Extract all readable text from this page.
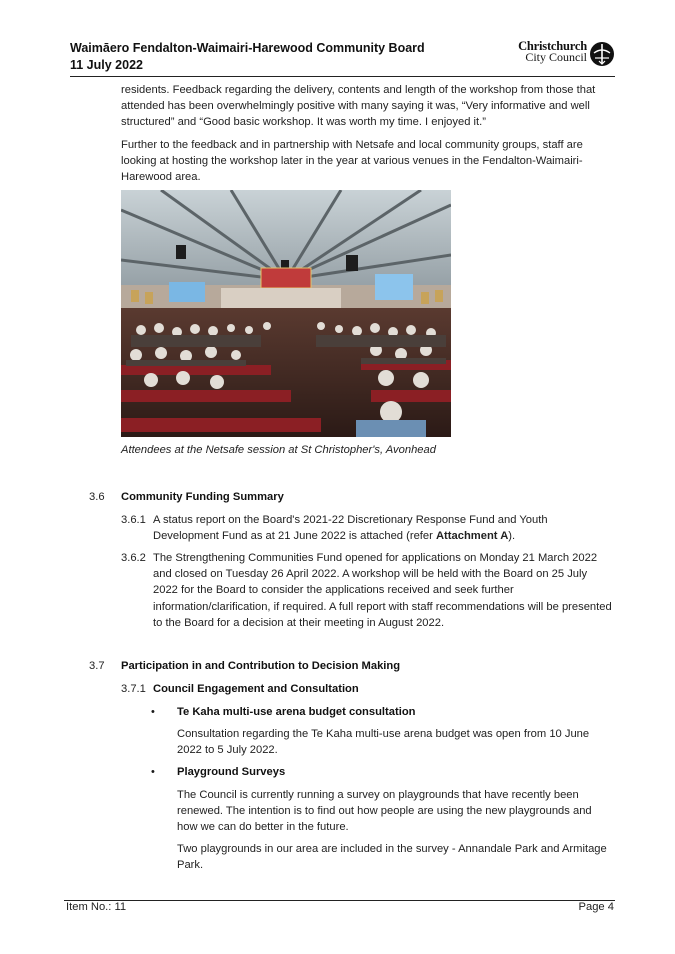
Waimāero Fendalton-Waimairi-Harewood Community Board
11 July 2022
Christchurch
City Council
residents. Feedback regarding the delivery, contents and length of the workshop from those that attended has been overwhelmingly positive with many saying it was, “Very informative and well structured” and “Good basic workshop. It was worth my time. I enjoyed it.”
Further to the feedback and in partnership with Netsafe and local community groups, staff are looking at hosting the workshop later in the year at various venues in the Fendalton-Waimairi-Harewood area.
Attendees at the Netsafe session at St Christopher's, Avonhead
3.6 Community Funding Summary
3.6.1 A status report on the Board's 2021-22 Discretionary Response Fund and Youth Development Fund as at 21 June 2022 is attached (refer Attachment A).
3.6.2 The Strengthening Communities Fund opened for applications on Monday 21 March 2022 and closed on Tuesday 26 April 2022. A workshop will be held with the Board on 25 July 2022 for the Board to consider the applications received and seek further information/clarification, if required. A full report with staff recommendations will be presented to the Board for a decision at their meeting in August 2022.
3.7 Participation in and Contribution to Decision Making
3.7.1 Council Engagement and Consultation
• Te Kaha multi-use arena budget consultation
Consultation regarding the Te Kaha multi-use arena budget was open from 10 June 2022 to 5 July 2022.
• Playground Surveys
The Council is currently running a survey on playgrounds that have recently been renewed. The intention is to find out how people are using the new playgrounds and how we can do better in the future.
Two playgrounds in our area are included in the survey - Annandale Park and Armitage Park.
Item No.: 11	Page 4
